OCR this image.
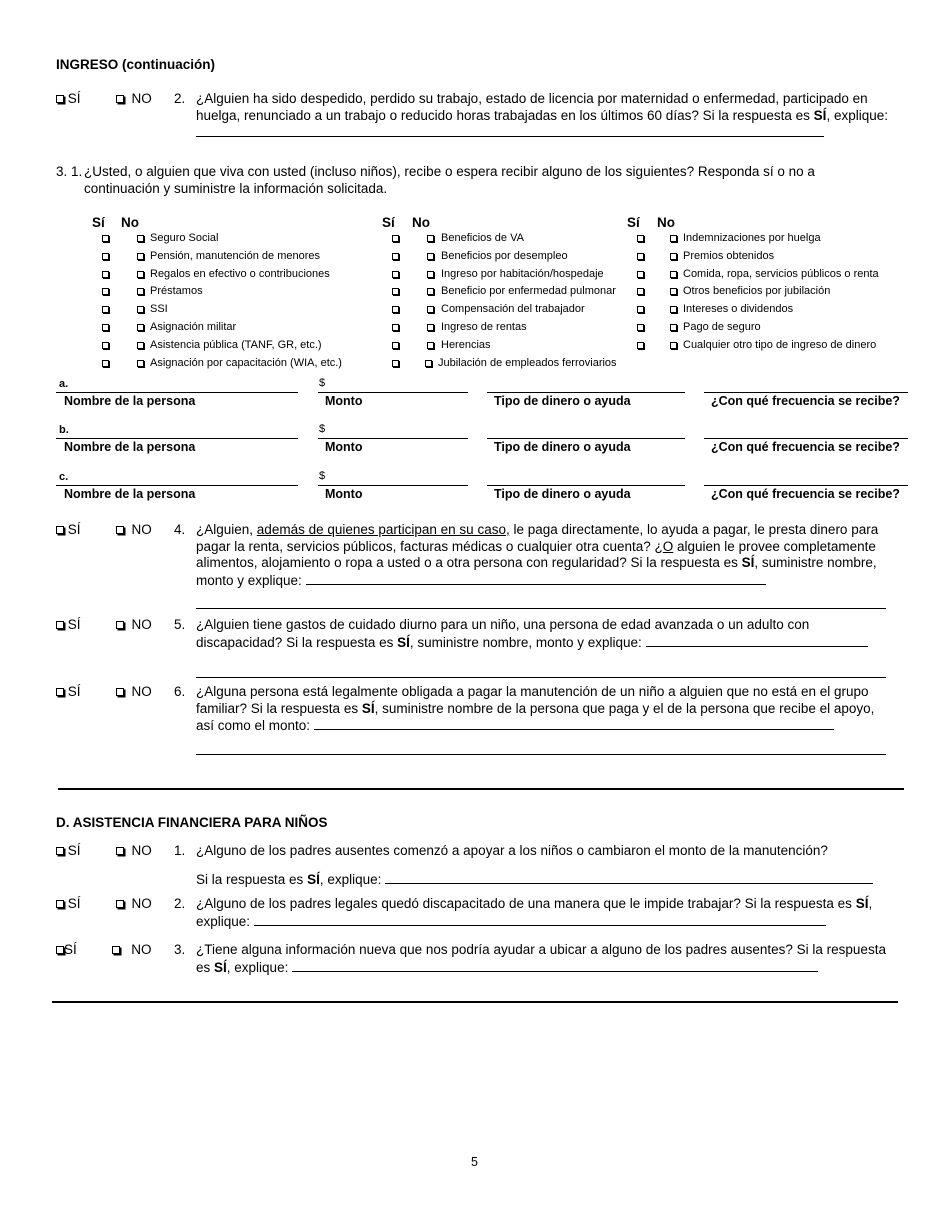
INGRESO (continuación)
SÍ	NO 2. ¿Alguien ha sido despedido, perdido su trabajo, estado de licencia por maternidad o enfermedad, participado en huelga, renunciado a un trabajo o reducido horas trabajadas en los últimos 60 días? Si la respuesta es SÍ, explique:
3. 1. ¿Usted, o alguien que viva con usted (incluso niños), recibe o espera recibir alguno de los siguientes? Responda sí o no a continuación y suministre la información solicitada.
Sí No	Sí No	Sí No
Seguro Social
Pensión, manutención de menores
Regalos en efectivo o contribuciones
Préstamos
SSI
Asignación militar
Asistencia pública (TANF, GR, etc.)
Asignación por capacitación (WIA, etc.)
Beneficios de VA
Beneficios por desempleo
Ingreso por habitación/hospedaje
Beneficio por enfermedad pulmonar
Compensación del trabajador
Ingreso de rentas
Herencias
Jubilación de empleados ferroviarios
Indemnizaciones por huelga
Premios obtenidos
Comida, ropa, servicios públicos o renta
Otros beneficios por jubilación
Intereses o dividendos
Pago de seguro
Cualquier otro tipo de ingreso de dinero
a.	$
Nombre de la persona	Monto	Tipo de dinero o ayuda	¿Con qué frecuencia se recibe?
b.	$
Nombre de la persona	Monto	Tipo de dinero o ayuda	¿Con qué frecuencia se recibe?
c.	$
Nombre de la persona	Monto	Tipo de dinero o ayuda	¿Con qué frecuencia se recibe?
SÍ	NO 4. ¿Alguien, además de quienes participan en su caso, le paga directamente, lo ayuda a pagar, le presta dinero para pagar la renta, servicios públicos, facturas médicas o cualquier otra cuenta? ¿O alguien le provee completamente alimentos, alojamiento o ropa a usted o a otra persona con regularidad? Si la respuesta es SÍ, suministre nombre, monto y explique:
SÍ	NO 5. ¿Alguien tiene gastos de cuidado diurno para un niño, una persona de edad avanzada o un adulto con discapacidad? Si la respuesta es SÍ, suministre nombre, monto y explique:
SÍ	NO 6. ¿Alguna persona está legalmente obligada a pagar la manutención de un niño a alguien que no está en el grupo familiar? Si la respuesta es SÍ, suministre nombre de la persona que paga y el de la persona que recibe el apoyo, así como el monto:
D. ASISTENCIA FINANCIERA PARA NIÑOS
SÍ	NO 1. ¿Alguno de los padres ausentes comenzó a apoyar a los niños o cambiaron el monto de la manutención?
Si la respuesta es SÍ, explique:
SÍ	NO 2. ¿Alguno de los padres legales quedó discapacitado de una manera que le impide trabajar? Si la respuesta es SÍ, explique:
SÍ	NO 3. ¿Tiene alguna información nueva que nos podría ayudar a ubicar a alguno de los padres ausentes? Si la respuesta es SÍ, explique:
5
